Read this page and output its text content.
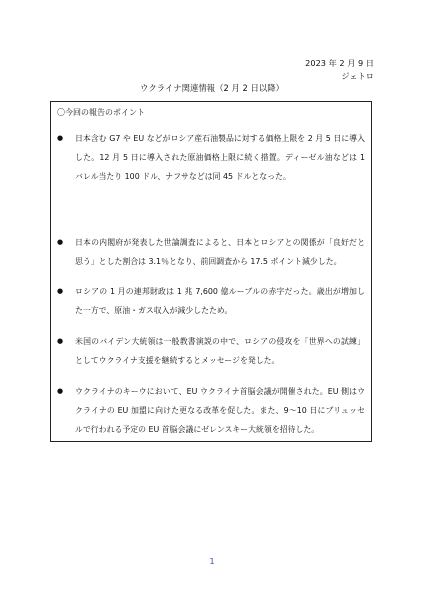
2023 年 2 月 9 日
ジェトロ
ウクライナ関連情報（2 月 2 日以降）
〇今回の報告のポイント
● 日本含む G7 や EU などがロシア産石油製品に対する価格上限を 2 月 5 日に導入した。12 月 5 日に導入された原油価格上限に続く措置。ディーゼル油などは 1 バレル当たり 100 ドル、ナフサなどは同 45 ドルとなった。
● 日本の内閣府が発表した世論調査によると、日本とロシアとの関係が「良好だと思う」とした割合は 3.1％となり、前回調査から 17.5 ポイント減少した。
● ロシアの 1 月の連邦財政は 1 兆 7,600 億ルーブルの赤字だった。歳出が増加した一方で、原油・ガス収入が減少したため。
● 米国のバイデン大統領は一般教書演説の中で、ロシアの侵攻を「世界への試練」としてウクライナ支援を継続するとメッセージを発した。
● ウクライナのキーウにおいて、EU ウクライナ首脳会議が開催された。EU 側はウクライナの EU 加盟に向けた更なる改革を促した。また、9～10 日にブリュッセルで行われる予定の EU 首脳会議にゼレンスキー大統領を招待した。
1
